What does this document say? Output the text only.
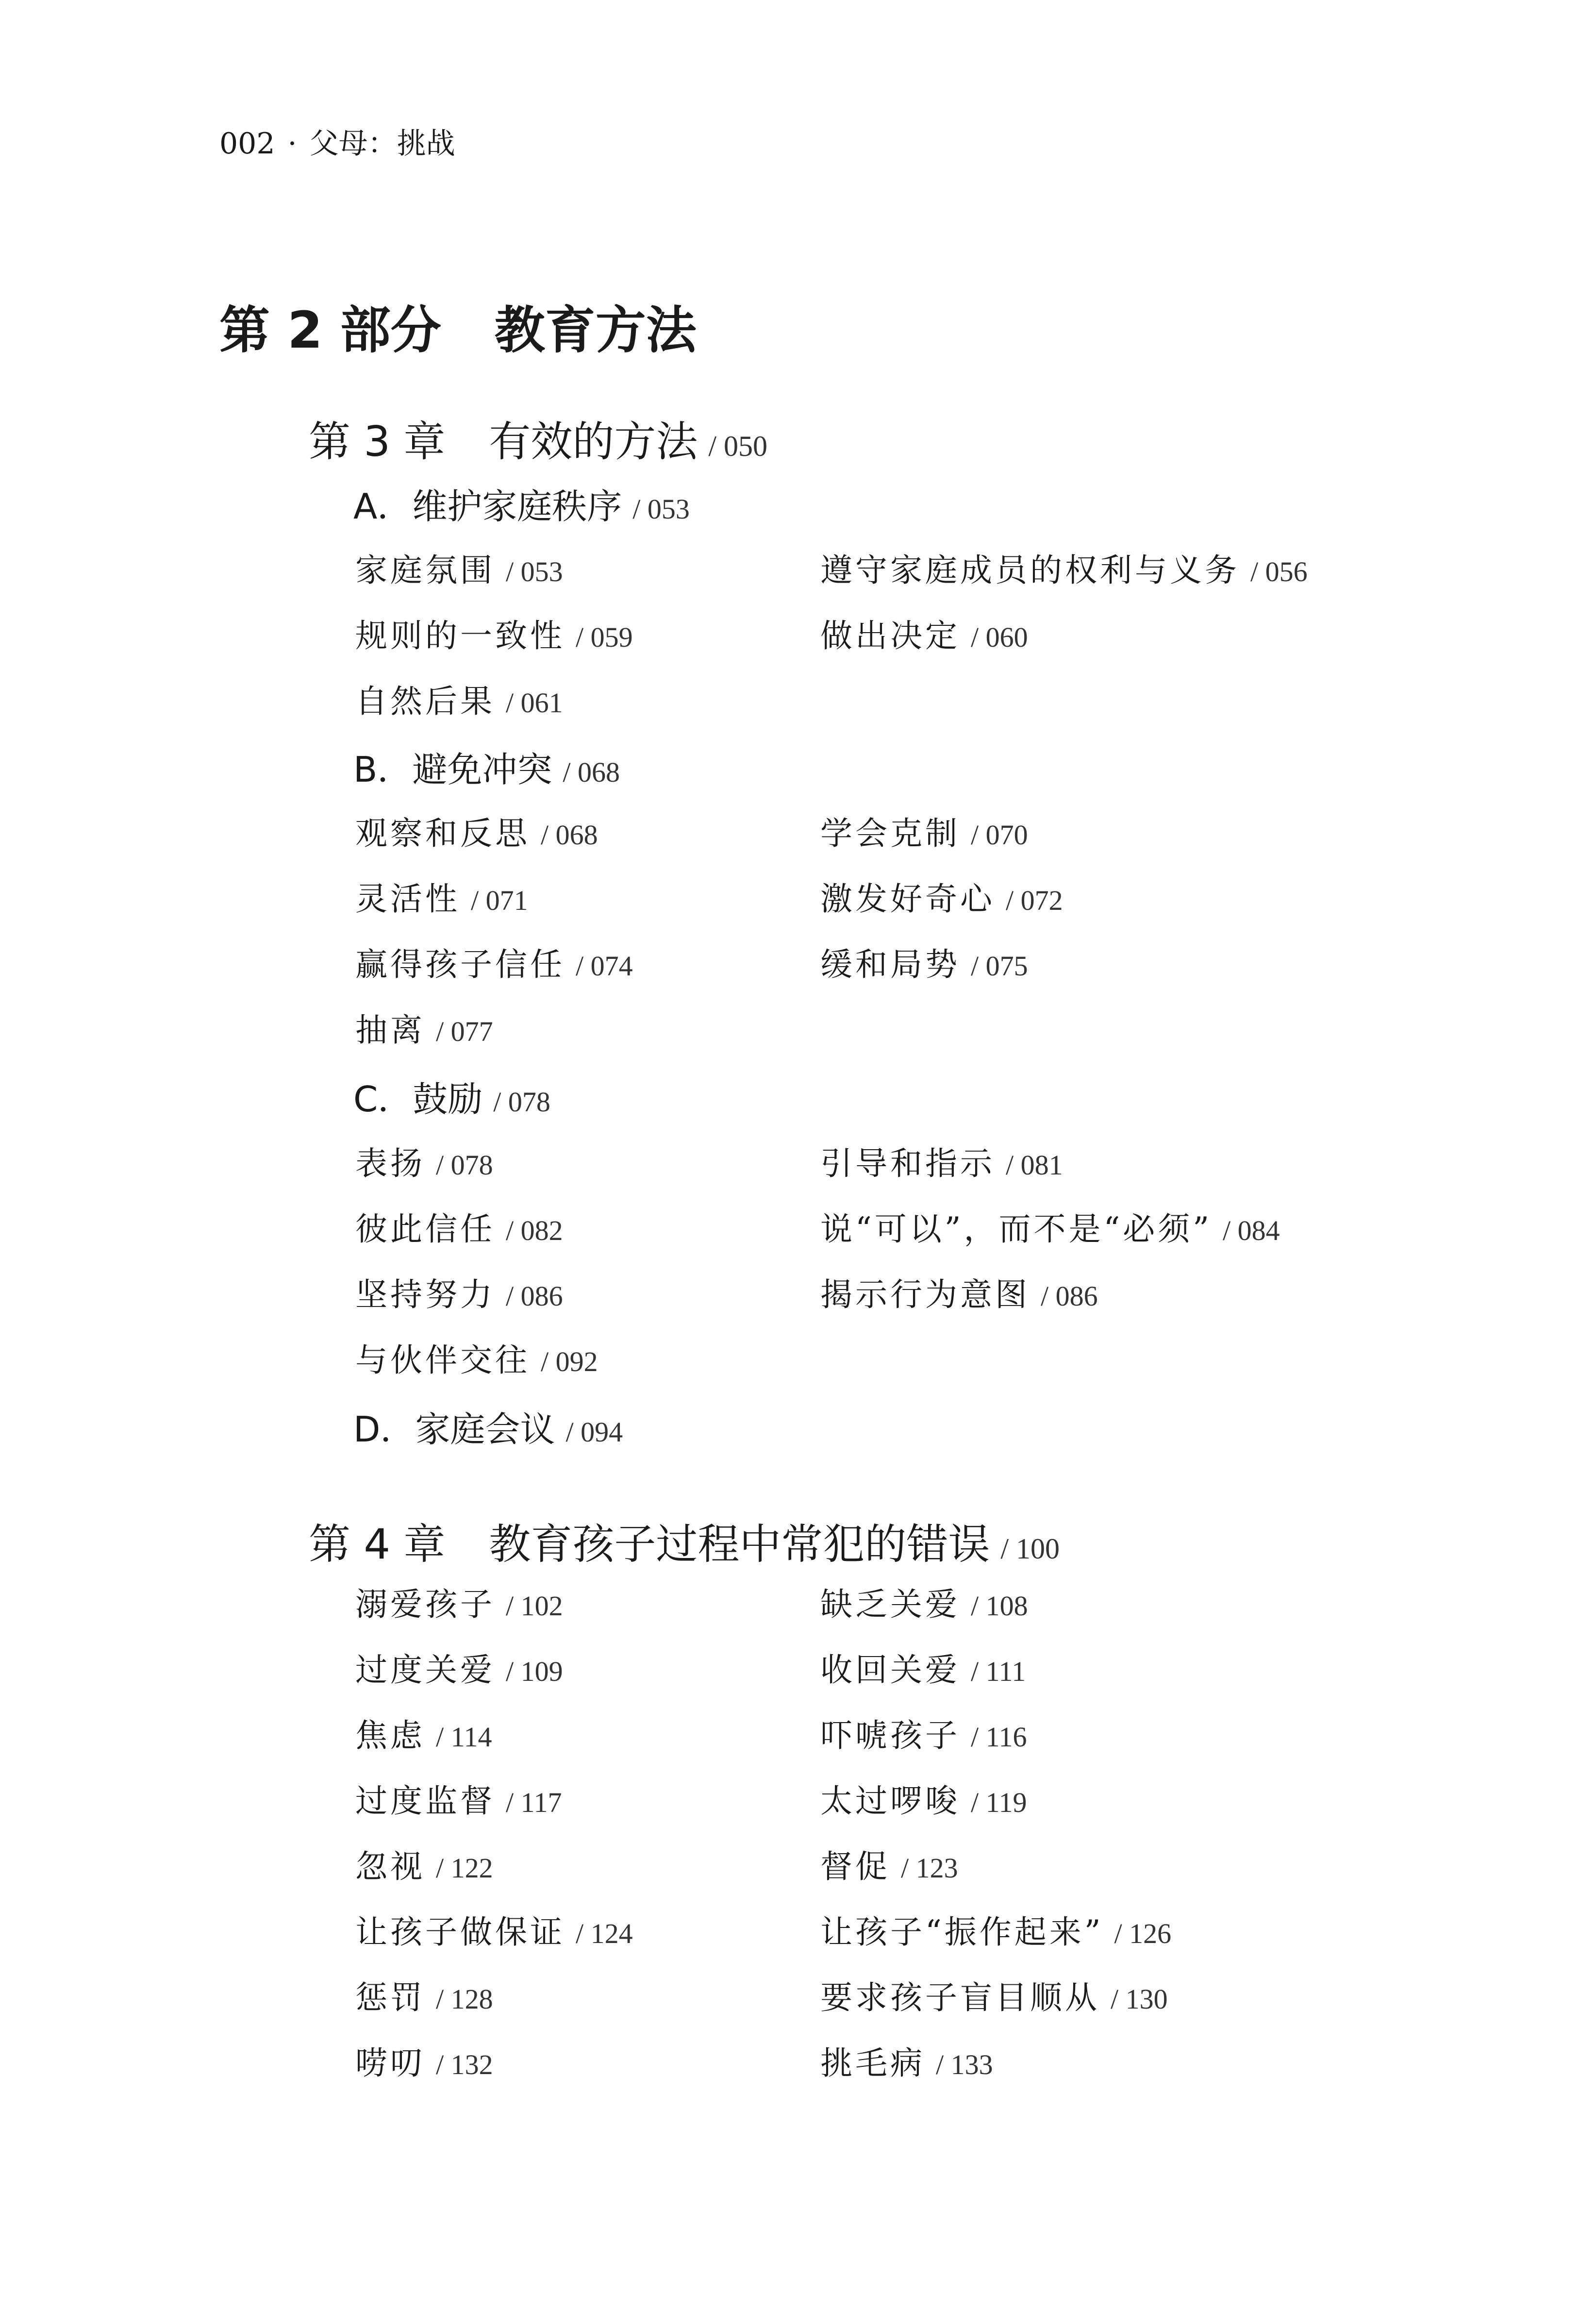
002 · 父母：挑战
第 2 部分 教育方法
第 3 章 有效的方法 / 050
A．维护家庭秩序 / 053
家庭氛围 / 053	遵守家庭成员的权利与义务 / 056
规则的一致性 / 059	做出决定 / 060
自然后果 / 061
B．避免冲突 / 068
观察和反思 / 068	学会克制 / 070
灵活性 / 071	激发好奇心 / 072
赢得孩子信任 / 074	缓和局势 / 075
抽离 / 077
C．鼓励 / 078
表扬 / 078	引导和指示 / 081
彼此信任 / 082	说“可以”，而不是“必须” / 084
坚持努力 / 086	揭示行为意图 / 086
与伙伴交往 / 092
D．家庭会议 / 094
第 4 章 教育孩子过程中常犯的错误 / 100
溺爱孩子 / 102	缺乏关爱 / 108
过度关爱 / 109	收回关爱 / 111
焦虑 / 114	吓唬孩子 / 116
过度监督 / 117	太过啰唆 / 119
忽视 / 122	督促 / 123
让孩子做保证 / 124	让孩子“振作起来” / 126
惩罚 / 128	要求孩子盲目顺从 / 130
唠叨 / 132	挑毛病 / 133
